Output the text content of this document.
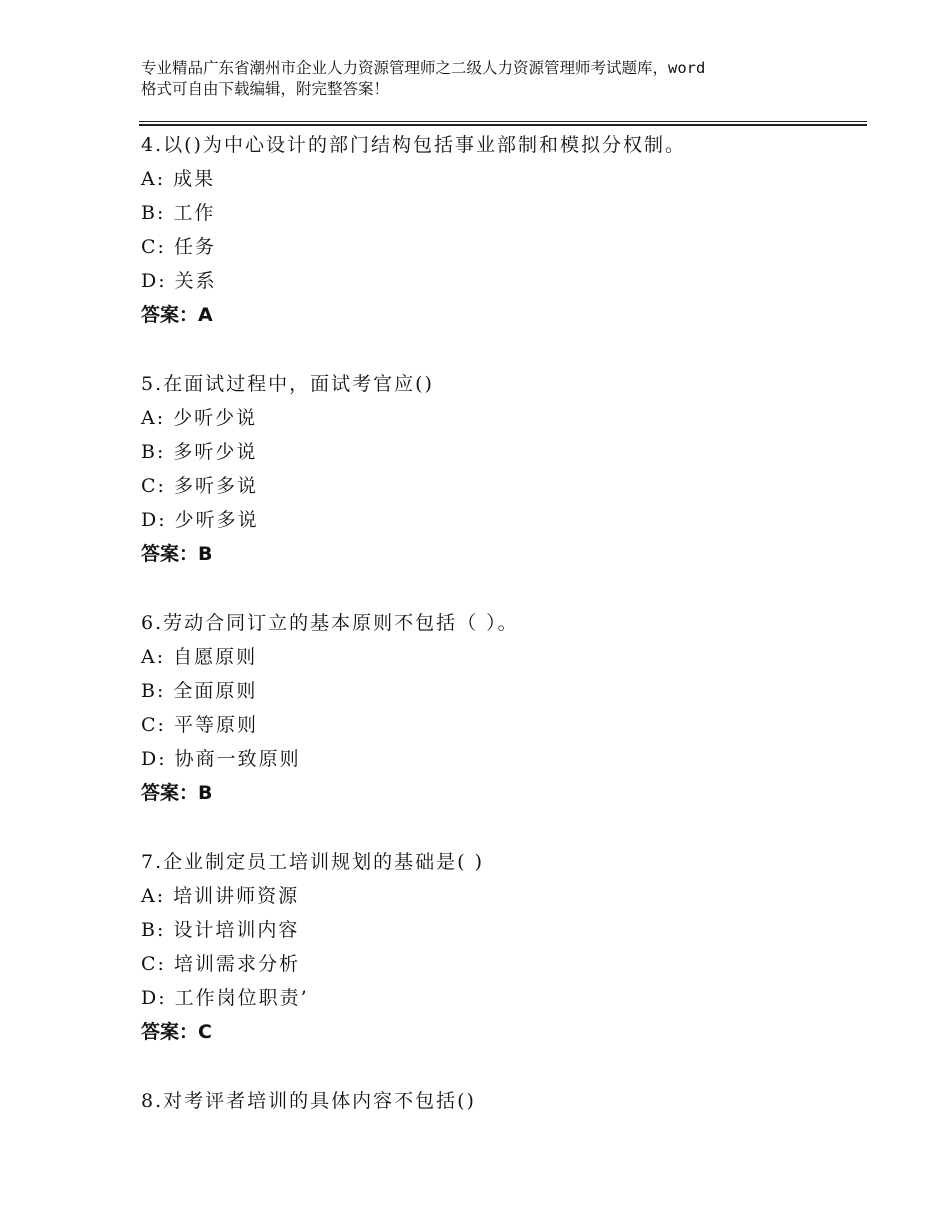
专业精品广东省潮州市企业人力资源管理师之二级人力资源管理师考试题库，word
格式可自由下载编辑，附完整答案！
4.以()为中心设计的部门结构包括事业部制和模拟分权制。
A: 成果
B: 工作
C: 任务
D: 关系
答案：A
5.在面试过程中，面试考官应()
A: 少听少说
B: 多听少说
C: 多听多说
D: 少听多说
答案：B
6.劳动合同订立的基本原则不包括（ ）。
A: 自愿原则
B: 全面原则
C: 平等原则
D: 协商一致原则
答案：B
7.企业制定员工培训规划的基础是( )
A: 培训讲师资源
B: 设计培训内容
C: 培训需求分析
D: 工作岗位职责’
答案：C
8.对考评者培训的具体内容不包括()
